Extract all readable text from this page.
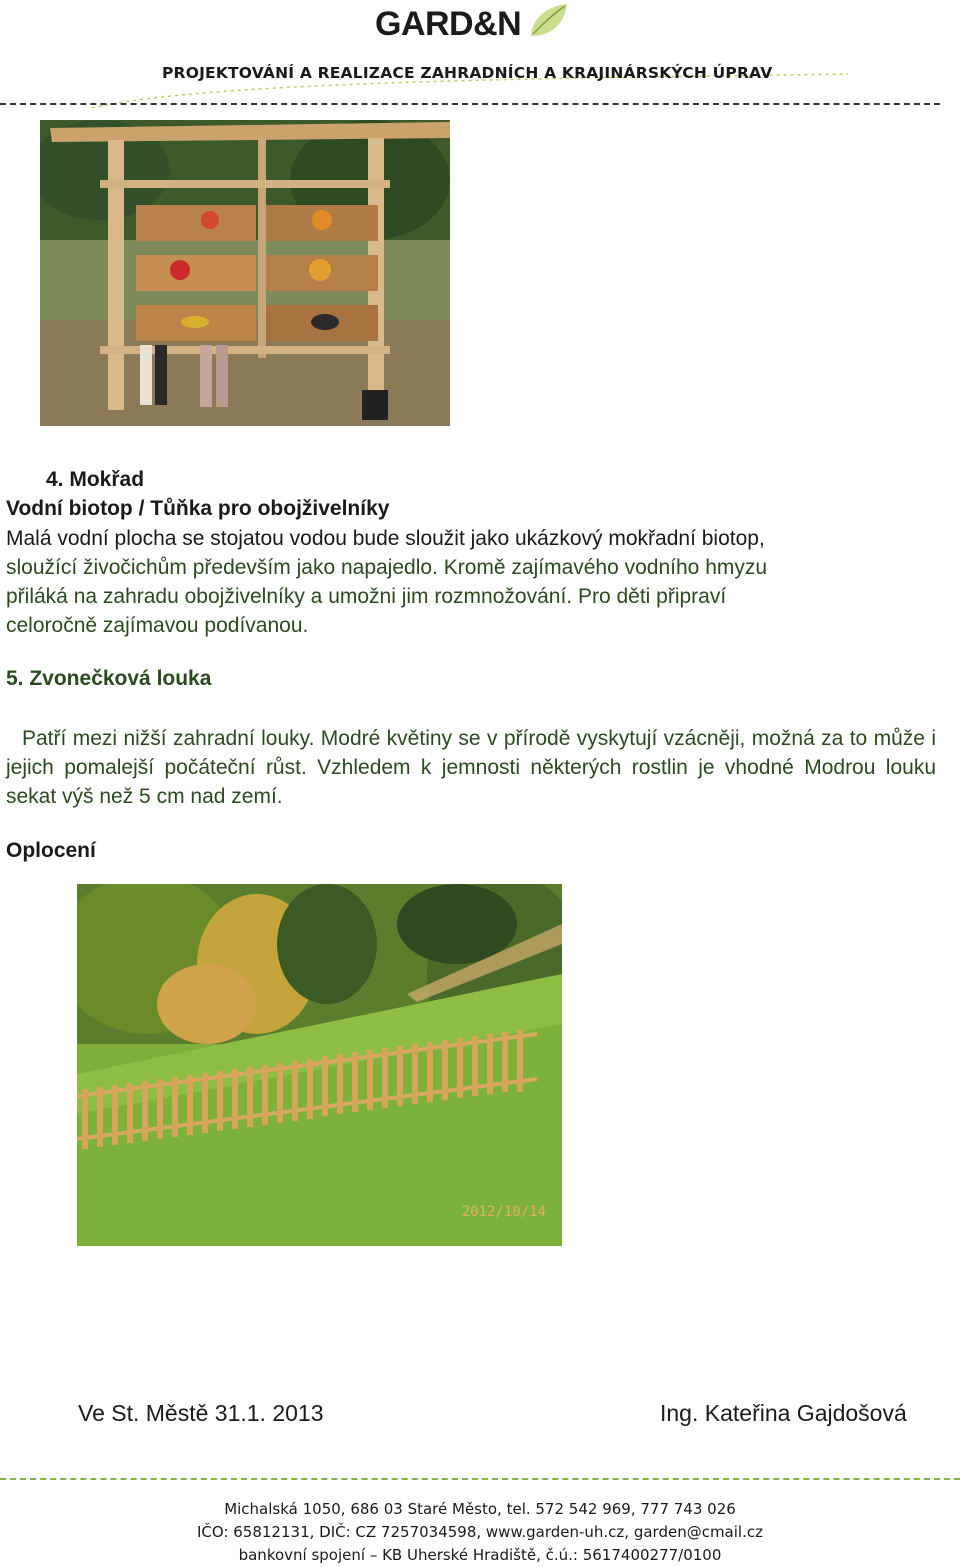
GARD&N
PROJEKTOVÁNÍ A REALIZACE ZAHRADNÍCH A KRAJINÁRSKÝCH ÚPRAV
4. Mokřad
Vodní biotop / Tůňka pro obojživelníky
Malá vodní plocha se stojatou vodou bude sloužit jako ukázkový mokřadní biotop,
sloužící živočichům především jako napajedlo. Kromě zajímavého vodního hmyzu
přiláká na zahradu obojživelníky a umožni jim rozmnožování. Pro děti připraví
celoročně zajímavou podívanou.
5. Zvonečková louka
Patří mezi nižší zahradní louky. Modré květiny se v přírodě vyskytují vzácněji, možná za to může i jejich pomalejší počáteční růst. Vzhledem k jemnosti některých rostlin je vhodné Modrou louku sekat výš než 5 cm nad zemí.
Oplocení
2012/10/14
Ve St. Městě 31.1. 2013	Ing. Kateřina Gajdošová
Michalská 1050, 686 03 Staré Město, tel. 572 542 969, 777 743 026
IČO: 65812131, DIČ: CZ 7257034598, www.garden-uh.cz, garden@cmail.cz
bankovní spojení – KB Uherské Hradiště, č.ú.: 5617400277/0100
